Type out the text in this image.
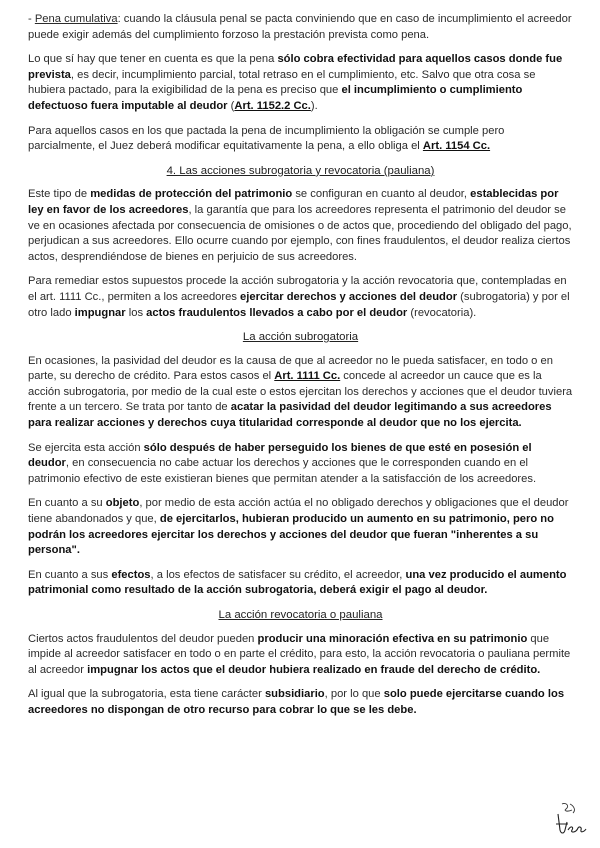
- Pena cumulativa: cuando la cláusula penal se pacta conviniendo que en caso de incumplimiento el acreedor puede exigir además del cumplimiento forzoso la prestación prevista como pena.

Lo que sí hay que tener en cuenta es que la pena sólo cobra efectividad para aquellos casos donde fue prevista, es decir, incumplimiento parcial, total retraso en el cumplimiento, etc. Salvo que otra cosa se hubiera pactado, para la exigibilidad de la pena es preciso que el incumplimiento o cumplimiento defectuoso fuera imputable al deudor (Art. 1152.2 Cc.).

Para aquellos casos en los que pactada la pena de incumplimiento la obligación se cumple pero parcialmente, el Juez deberá modificar equitativamente la pena, a ello obliga el Art. 1154 Cc.

4. Las acciones subrogatoria y revocatoria (pauliana)

Este tipo de medidas de protección del patrimonio se configuran en cuanto al deudor, establecidas por ley en favor de los acreedores, la garantía que para los acreedores representa el patrimonio del deudor se ve en ocasiones afectada por consecuencia de omisiones o de actos que, procediendo del obligado del pago, perjudican a sus acreedores. Ello ocurre cuando por ejemplo, con fines fraudulentos, el deudor realiza ciertos actos, desprendiéndose de bienes en perjuicio de sus acreedores.

Para remediar estos supuestos procede la acción subrogatoria y la acción revocatoria que, contempladas en el art. 1111 Cc., permiten a los acreedores ejercitar derechos y acciones del deudor (subrogatoria) y por el otro lado impugnar los actos fraudulentos llevados a cabo por el deudor (revocatoria).

La acción subrogatoria

En ocasiones, la pasividad del deudor es la causa de que al acreedor no le pueda satisfacer, en todo o en parte, su derecho de crédito. Para estos casos el Art. 1111 Cc. concede al acreedor un cauce que es la acción subrogatoria, por medio de la cual este o estos ejercitan los derechos y acciones que el deudor tuviera frente a un tercero. Se trata por tanto de acatar la pasividad del deudor legitimando a sus acreedores para realizar acciones y derechos cuya titularidad corresponde al deudor que no los ejercita.

Se ejercita esta acción sólo después de haber perseguido los bienes de que esté en posesión el deudor, en consecuencia no cabe actuar los derechos y acciones que le corresponden cuando en el patrimonio efectivo de este existieran bienes que permitan atender a la satisfacción de los acreedores.

En cuanto a su objeto, por medio de esta acción actúa el no obligado derechos y obligaciones que el deudor tiene abandonados y que, de ejercitarlos, hubieran producido un aumento en su patrimonio, pero no podrán los acreedores ejercitar los derechos y acciones del deudor que fueran "inherentes a su persona".

En cuanto a sus efectos, a los efectos de satisfacer su crédito, el acreedor, una vez producido el aumento patrimonial como resultado de la acción subrogatoria, deberá exigir el pago al deudor.

La acción revocatoria o pauliana

Ciertos actos fraudulentos del deudor pueden producir una minoración efectiva en su patrimonio que impide al acreedor satisfacer en todo o en parte el crédito, para esto, la acción revocatoria o pauliana permite al acreedor impugnar los actos que el deudor hubiera realizado en fraude del derecho de crédito.

Al igual que la subrogatoria, esta tiene carácter subsidiario, por lo que solo puede ejercitarse cuando los acreedores no dispongan de otro recurso para cobrar lo que se les debe.
